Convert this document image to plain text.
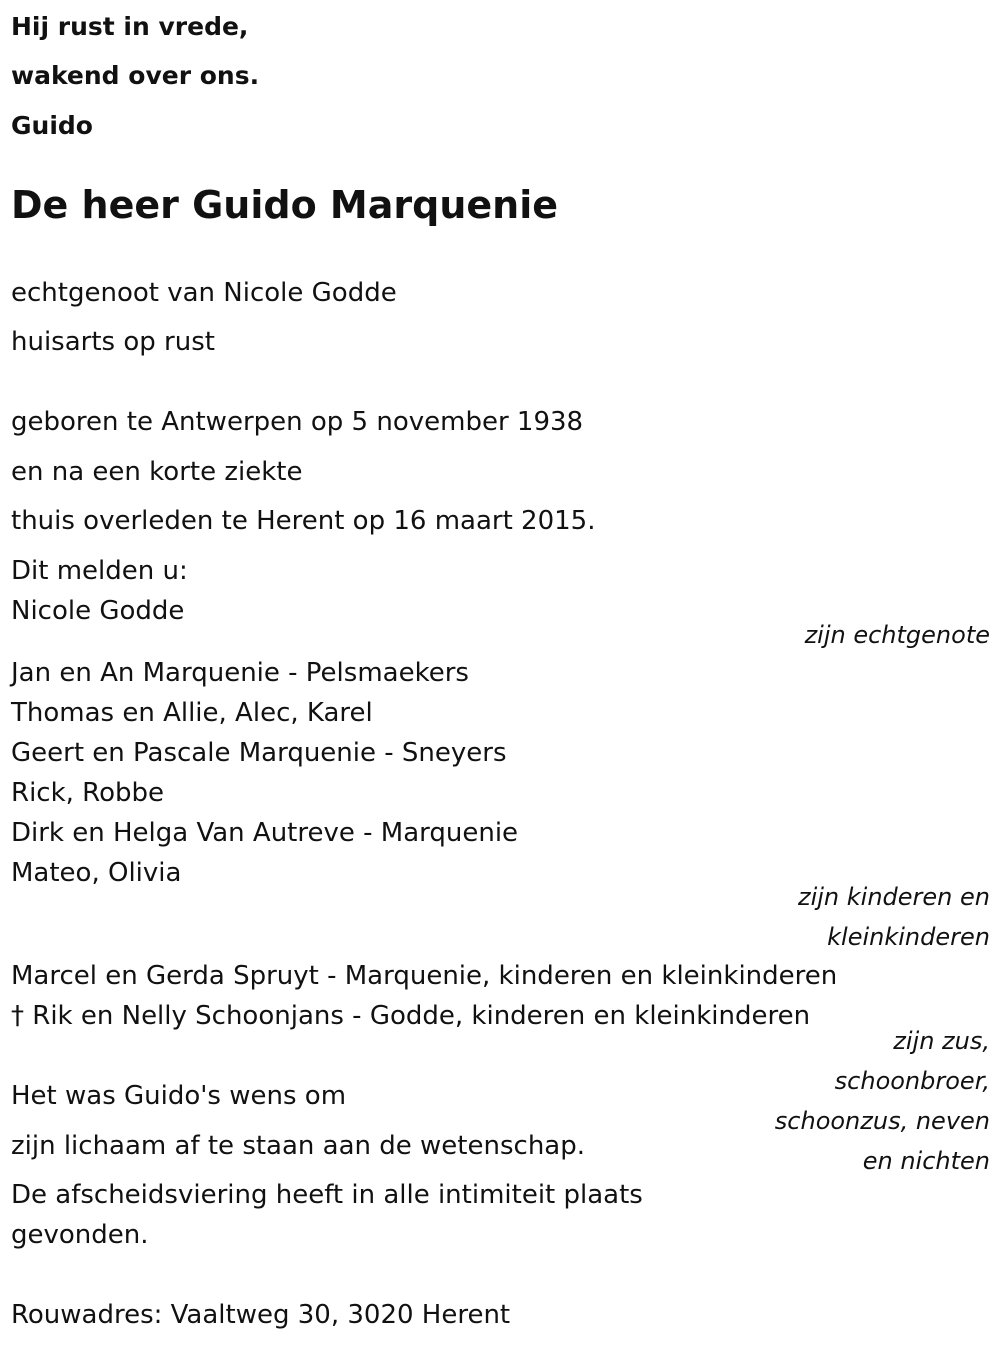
Hij rust in vrede,
wakend over ons.
Guido
De heer Guido Marquenie
echtgenoot van Nicole Godde
huisarts op rust
geboren te Antwerpen op 5 november 1938
en na een korte ziekte
thuis overleden te Herent op 16 maart 2015.
Dit melden u:
Nicole Godde
zijn echtgenote
Jan en An Marquenie - Pelsmaekers
Thomas en Allie, Alec, Karel
Geert en Pascale Marquenie - Sneyers
Rick, Robbe
Dirk en Helga Van Autreve - Marquenie
Mateo, Olivia
zijn kinderen en
kleinkinderen
Marcel en Gerda Spruyt - Marquenie, kinderen en kleinkinderen
† Rik en Nelly Schoonjans - Godde, kinderen en kleinkinderen
zijn zus,
schoonbroer,
schoonzus, neven
en nichten
Het was Guido's wens om
zijn lichaam af te staan aan de wetenschap.
De afscheidsviering heeft in alle intimiteit plaats
gevonden.
Rouwadres: Vaaltweg 30, 3020 Herent
